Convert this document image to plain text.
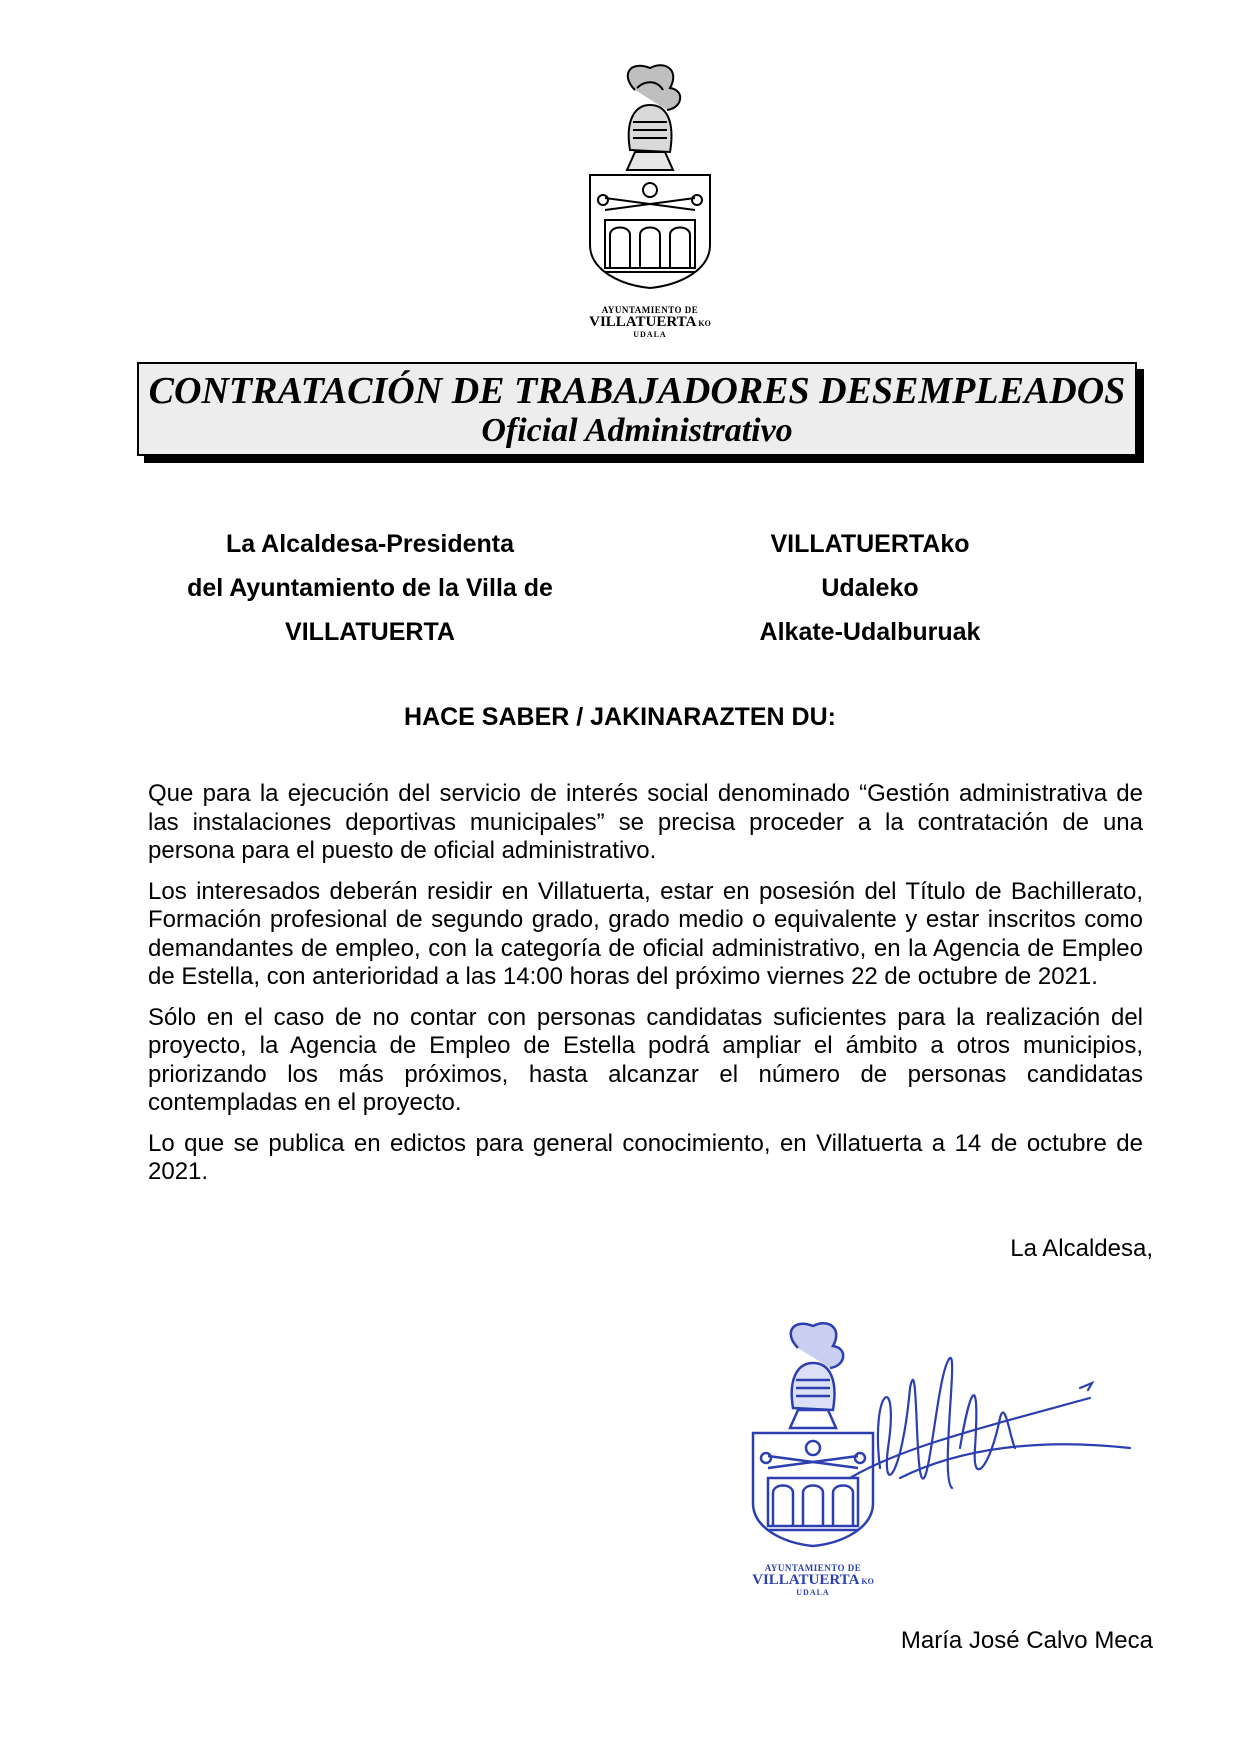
AYUNTAMIENTO DE
VILLATUERTA KO
UDALA
CONTRATACIÓN DE TRABAJADORES DESEMPLEADOS
Oficial Administrativo
La Alcaldesa-Presidenta
del Ayuntamiento de la Villa de
VILLATUERTA
VILLATUERTAko
Udaleko
Alkate-Udalburuak
HACE SABER / JAKINARAZTEN DU:

Que para la ejecución del servicio de interés social denominado “Gestión administrativa de las instalaciones deportivas municipales” se precisa proceder a la contratación de una persona para el puesto de oficial administrativo.

Los interesados deberán residir en Villatuerta, estar en posesión del Título de Bachillerato, Formación profesional de segundo grado, grado medio o equivalente y estar inscritos como demandantes de empleo, con la categoría de oficial administrativo, en la Agencia de Empleo de Estella, con anterioridad a las 14:00 horas del próximo viernes 22 de octubre de 2021.

Sólo en el caso de no contar con personas candidatas suficientes para la realización del proyecto, la Agencia de Empleo de Estella podrá ampliar el ámbito a otros municipios, priorizando los más próximos, hasta alcanzar el número de personas candidatas contempladas en el proyecto.

Lo que se publica en edictos para general conocimiento, en Villatuerta a 14 de octubre de 2021.

La Alcaldesa,
AYUNTAMIENTO DE
VILLATUERTA KO
UDALA
María José Calvo Meca
